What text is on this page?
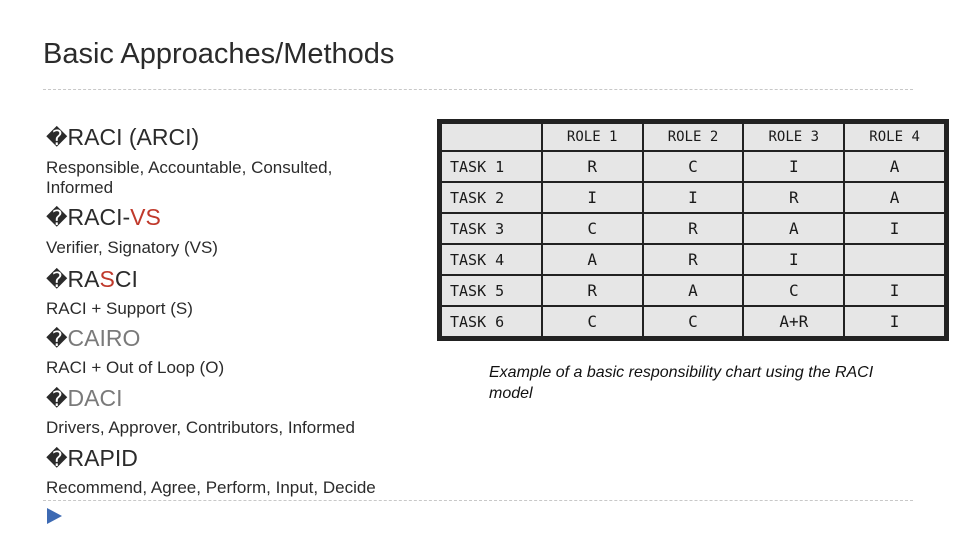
Basic Approaches/Methods
�RACI (ARCI)
Responsible, Accountable, Consulted, Informed
�RACI-VS
Verifier, Signatory (VS)
�RASCI
RACI + Support (S)
�CAIRO
RACI + Out of Loop (O)
�DACI
Drivers, Approver, Contributors, Informed
�RAPID
Recommend, Agree, Perform, Input, Decide
	ROLE 1	ROLE 2	ROLE 3	ROLE 4
TASK 1	R	C	I	A
TASK 2	I	I	R	A
TASK 3	C	R	A	I
TASK 4	A	R	I	
TASK 5	R	A	C	I
TASK 6	C	C	A+R	I
Example of a basic responsibility chart using the RACI model
